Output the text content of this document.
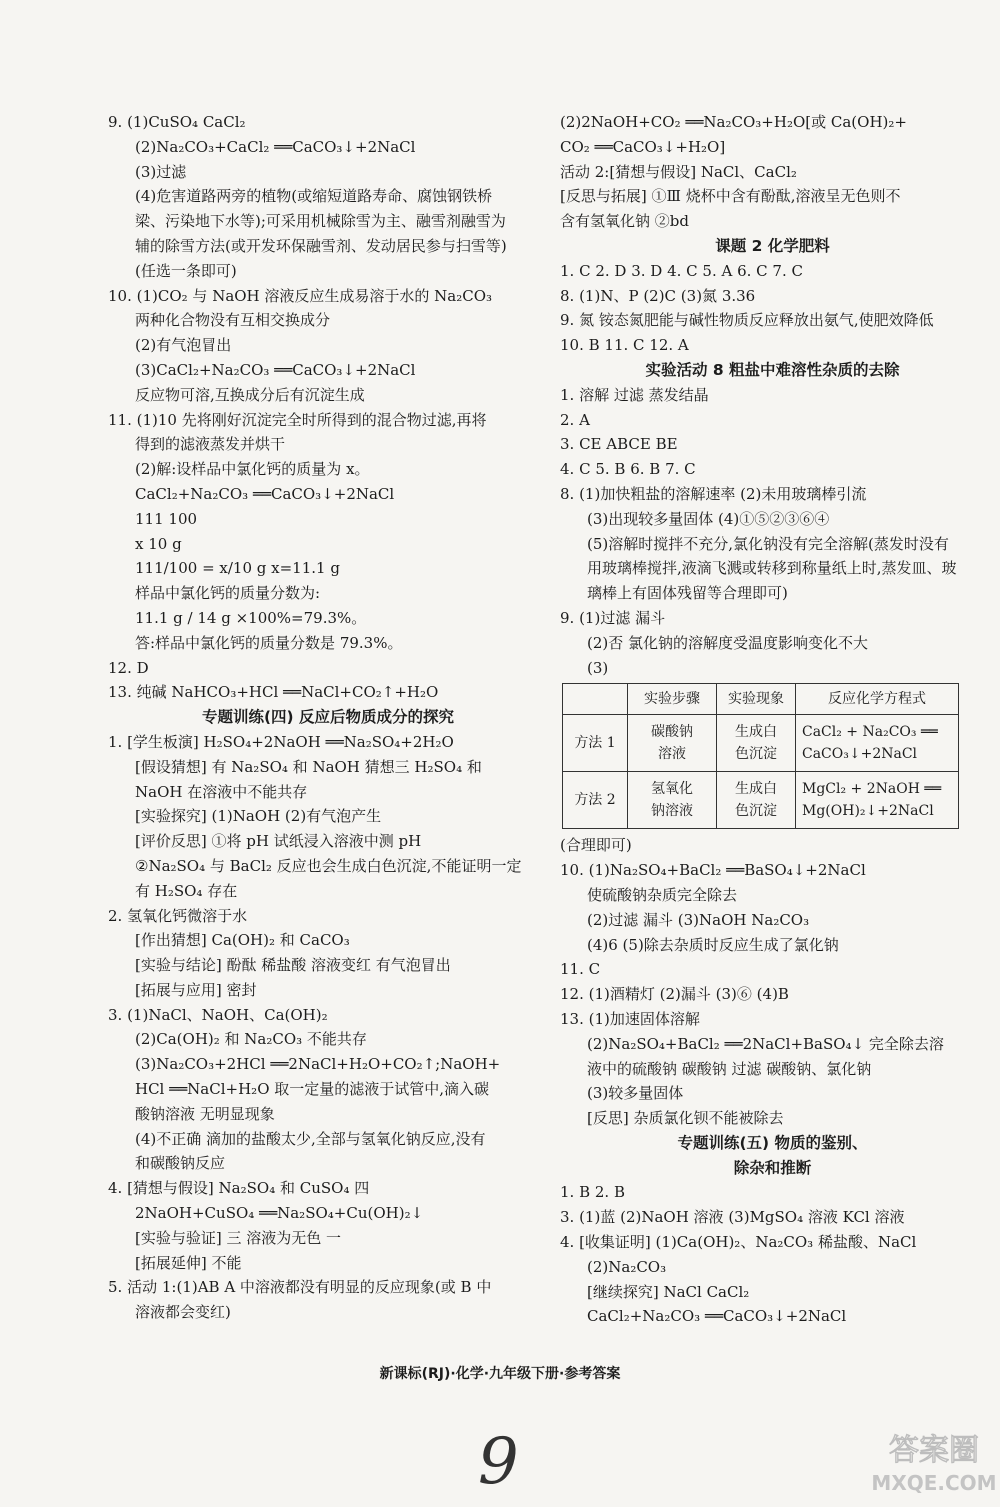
9. (1)CuSO₄ CaCl₂
(2)Na₂CO₃+CaCl₂ ══CaCO₃↓+2NaCl
(3)过滤
(4)危害道路两旁的植物(或缩短道路寿命、腐蚀钢铁桥
梁、污染地下水等);可采用机械除雪为主、融雪剂融雪为
辅的除雪方法(或开发环保融雪剂、发动居民参与扫雪等)
(任选一条即可)
10. (1)CO₂ 与 NaOH 溶液反应生成易溶于水的 Na₂CO₃
两种化合物没有互相交换成分
(2)有气泡冒出
(3)CaCl₂+Na₂CO₃ ══CaCO₃↓+2NaCl
反应物可溶,互换成分后有沉淀生成
11. (1)10 先将刚好沉淀完全时所得到的混合物过滤,再将
得到的滤液蒸发并烘干
(2)解:设样品中氯化钙的质量为 x。
CaCl₂+Na₂CO₃ ══CaCO₃↓+2NaCl
111 100
x 10 g
111/100 = x/10 g x=11.1 g
样品中氯化钙的质量分数为:
11.1 g / 14 g ×100%=79.3%。
答:样品中氯化钙的质量分数是 79.3%。
12. D
13. 纯碱 NaHCO₃+HCl ══NaCl+CO₂↑+H₂O
专题训练(四) 反应后物质成分的探究
1. [学生板演] H₂SO₄+2NaOH ══Na₂SO₄+2H₂O
[假设猜想] 有 Na₂SO₄ 和 NaOH 猜想三 H₂SO₄ 和
NaOH 在溶液中不能共存
[实验探究] (1)NaOH (2)有气泡产生
[评价反思] ①将 pH 试纸浸入溶液中测 pH
②Na₂SO₄ 与 BaCl₂ 反应也会生成白色沉淀,不能证明一定
有 H₂SO₄ 存在
2. 氢氧化钙微溶于水
[作出猜想] Ca(OH)₂ 和 CaCO₃
[实验与结论] 酚酞 稀盐酸 溶液变红 有气泡冒出
[拓展与应用] 密封
3. (1)NaCl、NaOH、Ca(OH)₂
(2)Ca(OH)₂ 和 Na₂CO₃ 不能共存
(3)Na₂CO₃+2HCl ══2NaCl+H₂O+CO₂↑;NaOH+
HCl ══NaCl+H₂O 取一定量的滤液于试管中,滴入碳
酸钠溶液 无明显现象
(4)不正确 滴加的盐酸太少,全部与氢氧化钠反应,没有
和碳酸钠反应
4. [猜想与假设] Na₂SO₄ 和 CuSO₄ 四
2NaOH+CuSO₄ ══Na₂SO₄+Cu(OH)₂↓
[实验与验证] 三 溶液为无色 一
[拓展延伸] 不能
5. 活动 1:(1)AB A 中溶液都没有明显的反应现象(或 B 中
溶液都会变红)
(2)2NaOH+CO₂ ══Na₂CO₃+H₂O[或 Ca(OH)₂+
CO₂ ══CaCO₃↓+H₂O]
活动 2:[猜想与假设] NaCl、CaCl₂
[反思与拓展] ①Ⅲ 烧杯中含有酚酞,溶液呈无色则不
含有氢氧化钠 ②bd
课题 2 化学肥料
1. C 2. D 3. D 4. C 5. A 6. C 7. C
8. (1)N、P (2)C (3)氮 3.36
9. 氮 铵态氮肥能与碱性物质反应释放出氨气,使肥效降低
10. B 11. C 12. A
实验活动 8 粗盐中难溶性杂质的去除
1. 溶解 过滤 蒸发结晶
2. A
3. CE ABCE BE
4. C 5. B 6. B 7. C
8. (1)加快粗盐的溶解速率 (2)未用玻璃棒引流
(3)出现较多量固体 (4)①⑤②③⑥④
(5)溶解时搅拌不充分,氯化钠没有完全溶解(蒸发时没有
用玻璃棒搅拌,液滴飞溅或转移到称量纸上时,蒸发皿、玻
璃棒上有固体残留等合理即可)
9. (1)过滤 漏斗
(2)否 氯化钠的溶解度受温度影响变化不大
(3)
	实验步骤	实验现象	反应化学方程式
方法 1	碳酸钠
溶液	生成白
色沉淀	CaCl₂ + Na₂CO₃ ══
CaCO₃↓+2NaCl
方法 2	氢氧化
钠溶液	生成白
色沉淀	MgCl₂ + 2NaOH ══
Mg(OH)₂↓+2NaCl
(合理即可)
10. (1)Na₂SO₄+BaCl₂ ══BaSO₄↓+2NaCl
使硫酸钠杂质完全除去
(2)过滤 漏斗 (3)NaOH Na₂CO₃
(4)6 (5)除去杂质时反应生成了氯化钠
11. C
12. (1)酒精灯 (2)漏斗 (3)⑥ (4)B
13. (1)加速固体溶解
(2)Na₂SO₄+BaCl₂ ══2NaCl+BaSO₄↓ 完全除去溶
液中的硫酸钠 碳酸钠 过滤 碳酸钠、氯化钠
(3)较多量固体
[反思] 杂质氯化钡不能被除去
专题训练(五) 物质的鉴别、
除杂和推断
1. B 2. B
3. (1)蓝 (2)NaOH 溶液 (3)MgSO₄ 溶液 KCl 溶液
4. [收集证明] (1)Ca(OH)₂、Na₂CO₃ 稀盐酸、NaCl
(2)Na₂CO₃
[继续探究] NaCl CaCl₂
CaCl₂+Na₂CO₃ ══CaCO₃↓+2NaCl
新课标(RJ)·化学·九年级下册·参考答案
9	答案圈
MXQE.COM
